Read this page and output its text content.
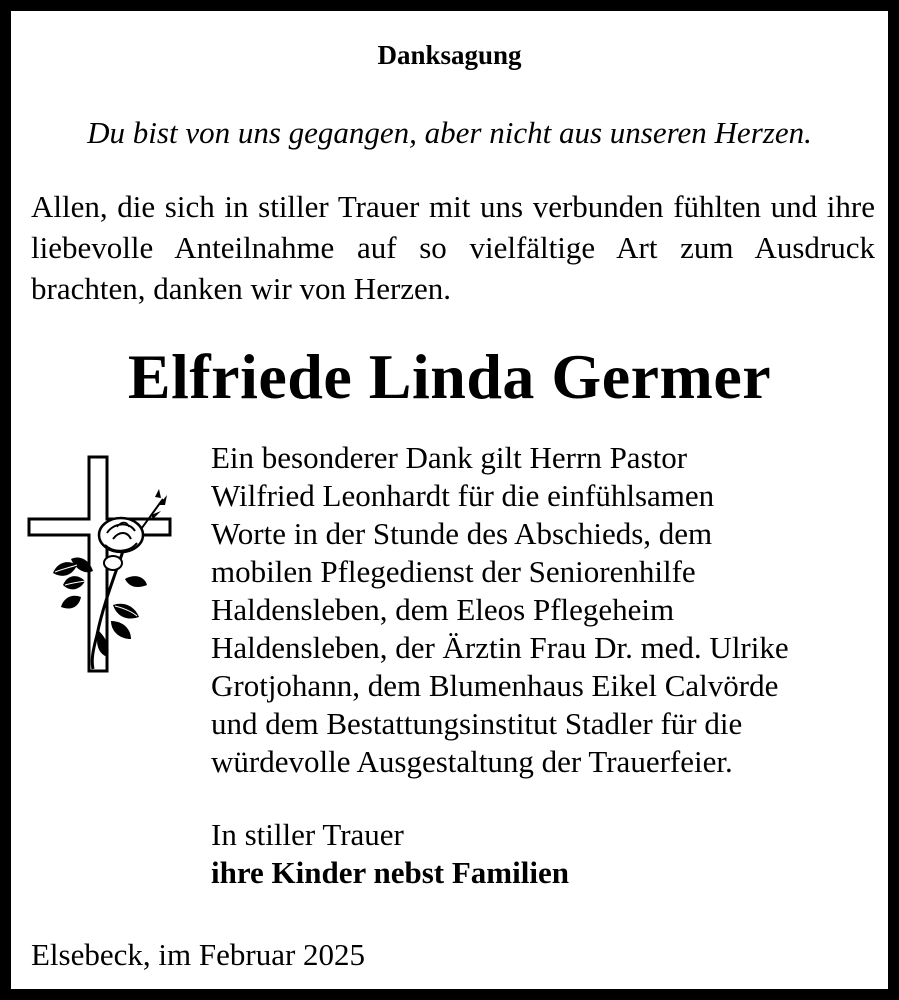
Danksagung
Du bist von uns gegangen, aber nicht aus unseren Herzen.
Allen, die sich in stiller Trauer mit uns verbunden fühlten und ihre liebevolle Anteilnahme auf so vielfältige Art zum Ausdruck brachten, danken wir von Herzen.
Elfriede Linda Germer
Ein besonderer Dank gilt Herrn Pastor
Wilfried Leonhardt für die einfühlsamen
Worte in der Stunde des Abschieds, dem
mobilen Pflegedienst der Seniorenhilfe
Haldensleben, dem Eleos Pflegeheim
Haldensleben, der Ärztin Frau Dr. med. Ulrike
Grotjohann, dem Blumenhaus Eikel Calvörde
und dem Bestattungsinstitut Stadler für die
würdevolle Ausgestaltung der Trauerfeier.
In stiller Trauer
ihre Kinder nebst Familien
Elsebeck, im Februar 2025
